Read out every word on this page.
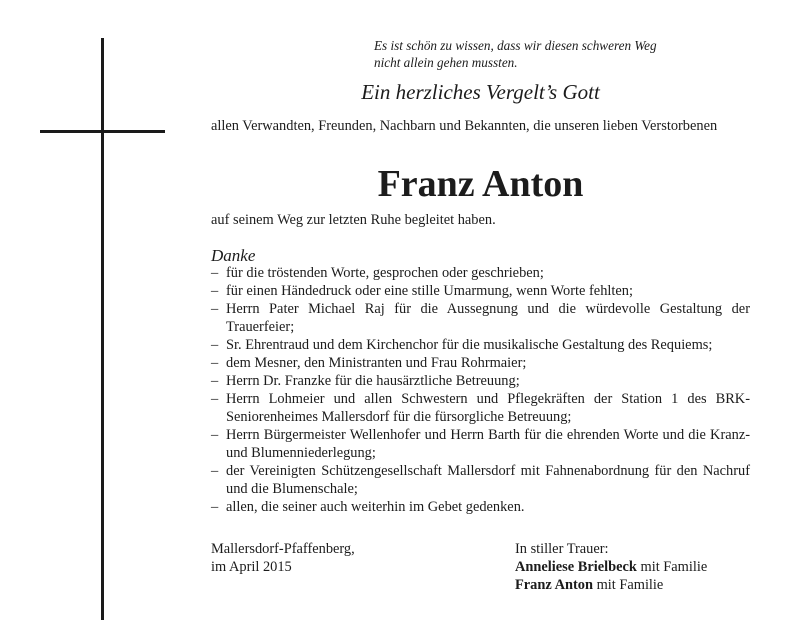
Es ist schön zu wissen, dass wir diesen schweren Weg
nicht allein gehen mussten.
Ein herzliches Vergelt’s Gott
allen Verwandten, Freunden, Nachbarn und Bekannten, die unseren lieben Verstorbenen
Franz Anton
auf seinem Weg zur letzten Ruhe begleitet haben.
Danke
– für die tröstenden Worte, gesprochen oder geschrieben;
– für einen Händedruck oder eine stille Umarmung, wenn Worte fehlten;
– Herrn Pater Michael Raj für die Aussegnung und die würdevolle Gestaltung der Trauerfeier;
– Sr. Ehrentraud und dem Kirchenchor für die musikalische Gestaltung des Requiems;
– dem Mesner, den Ministranten und Frau Rohrmaier;
– Herrn Dr. Franzke für die hausärztliche Betreuung;
– Herrn Lohmeier und allen Schwestern und Pflegekräften der Station 1 des BRK-Seniorenheimes Mallersdorf für die fürsorgliche Betreuung;
– Herrn Bürgermeister Wellenhofer und Herrn Barth für die ehrenden Worte und die Kranz- und Blumenniederlegung;
– der Vereinigten Schützengesellschaft Mallersdorf mit Fahnenabordnung für den Nachruf und die Blumenschale;
– allen, die seiner auch weiterhin im Gebet gedenken.
Mallersdorf-Pfaffenberg,
im April 2015
In stiller Trauer:
Anneliese Brielbeck mit Familie
Franz Anton mit Familie
